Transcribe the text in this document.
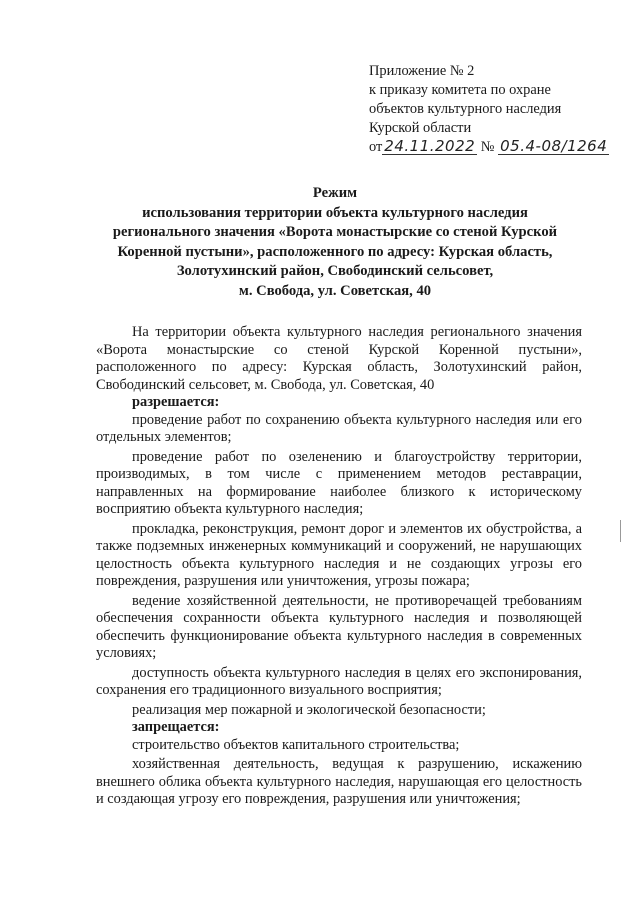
Приложение № 2
к приказу комитета по охране
объектов культурного наследия
Курской области
от 24.11.2022 № 05.4-08/1264
Режим
использования территории объекта культурного наследия
регионального значения «Ворота монастырские со стеной Курской
Коренной пустыни», расположенного по адресу: Курская область,
Золотухинский район, Свободинский сельсовет,
м. Свобода, ул. Советская, 40

На территории объекта культурного наследия регионального значения «Ворота монастырские со стеной Курской Коренной пустыни», расположенного по адресу: Курская область, Золотухинский район, Свободинский сельсовет, м. Свобода, ул. Советская, 40

разрешается:

проведение работ по сохранению объекта культурного наследия или его отдельных элементов;

проведение работ по озеленению и благоустройству территории, производимых, в том числе с применением методов реставрации, направленных на формирование наиболее близкого к историческому восприятию объекта культурного наследия;

прокладка, реконструкция, ремонт дорог и элементов их обустройства, а также подземных инженерных коммуникаций и сооружений, не нарушающих целостность объекта культурного наследия и не создающих угрозы его повреждения, разрушения или уничтожения, угрозы пожара;

ведение хозяйственной деятельности, не противоречащей требованиям обеспечения сохранности объекта культурного наследия и позволяющей обеспечить функционирование объекта культурного наследия в современных условиях;

доступность объекта культурного наследия в целях его экспонирования, сохранения его традиционного визуального восприятия;

реализация мер пожарной и экологической безопасности;

запрещается:

строительство объектов капитального строительства;

хозяйственная деятельность, ведущая к разрушению, искажению внешнего облика объекта культурного наследия, нарушающая его целостность и создающая угрозу его повреждения, разрушения или уничтожения;
